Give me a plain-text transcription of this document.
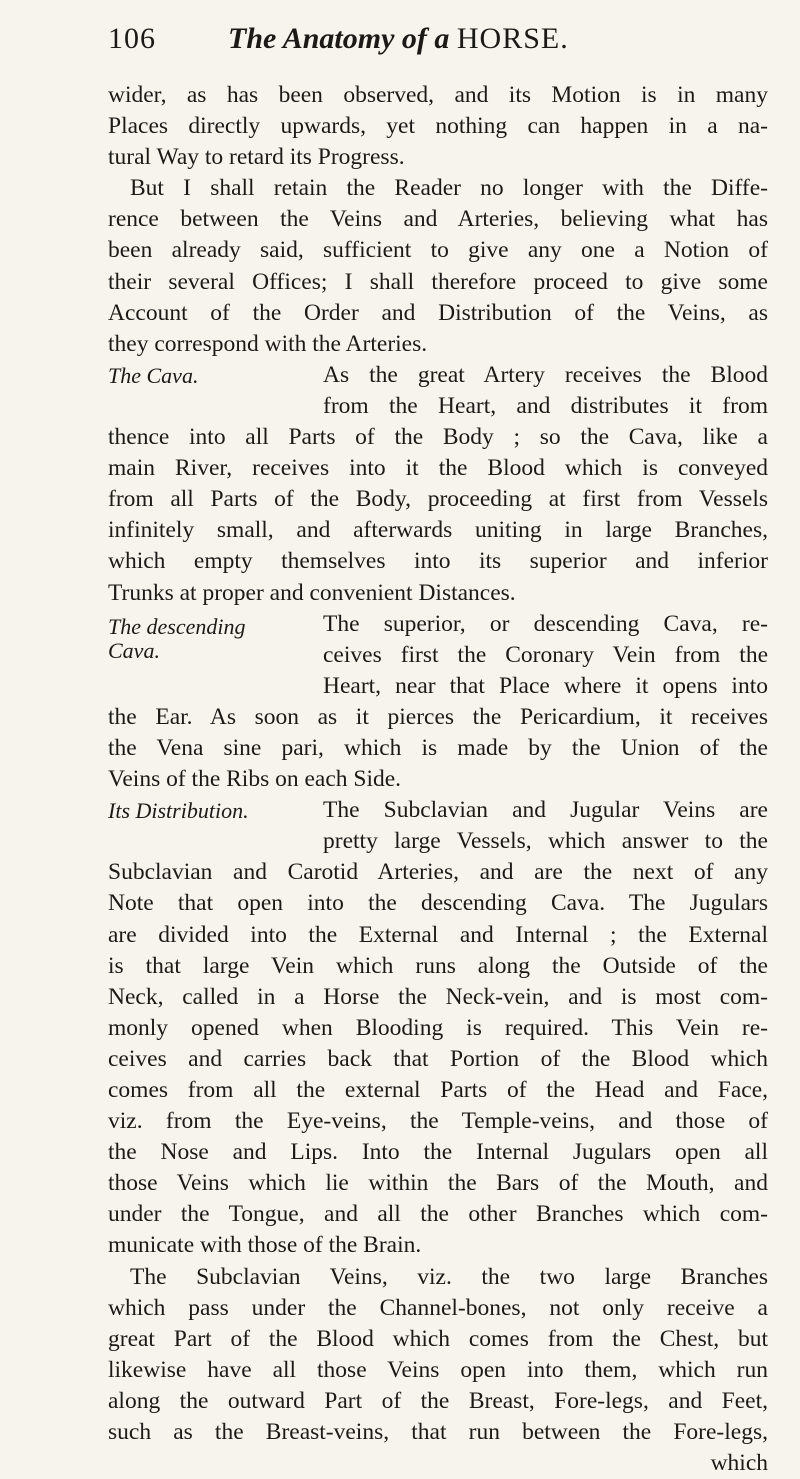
106 The Anatomy of a HORSE.
wider, as has been observed, and its Motion is in many
Places directly upwards, yet nothing can happen in a na-
tural Way to retard its Progress.
But I shall retain the Reader no longer with the Diffe-
rence between the Veins and Arteries, believing what has
been already said, sufficient to give any one a Notion of
their several Offices; I shall therefore proceed to give some
Account of the Order and Distribution of the Veins, as
they correspond with the Arteries.
The Cava.	As the great Artery receives the Blood
from the Heart, and distributes it from
thence into all Parts of the Body ; so the Cava, like a
main River, receives into it the Blood which is conveyed
from all Parts of the Body, proceeding at first from Vessels
infinitely small, and afterwards uniting in large Branches,
which empty themselves into its superior and inferior
Trunks at proper and convenient Distances.
The descending
Cava.
The superior, or descending Cava, re-
ceives first the Coronary Vein from the
Heart, near that Place where it opens into
the Ear. As soon as it pierces the Pericardium, it receives
the Vena sine pari, which is made by the Union of the
Veins of the Ribs on each Side.
Its Distribution.	The Subclavian and Jugular Veins are
pretty large Vessels, which answer to the
Subclavian and Carotid Arteries, and are the next of any
Note that open into the descending Cava. The Jugulars
are divided into the External and Internal ; the External
is that large Vein which runs along the Outside of the
Neck, called in a Horse the Neck-vein, and is most com-
monly opened when Blooding is required. This Vein re-
ceives and carries back that Portion of the Blood which
comes from all the external Parts of the Head and Face,
viz. from the Eye-veins, the Temple-veins, and those of
the Nose and Lips. Into the Internal Jugulars open all
those Veins which lie within the Bars of the Mouth, and
under the Tongue, and all the other Branches which com-
municate with those of the Brain.
The Subclavian Veins, viz. the two large Branches
which pass under the Channel-bones, not only receive a
great Part of the Blood which comes from the Chest, but
likewise have all those Veins open into them, which run
along the outward Part of the Breast, Fore-legs, and Feet,
such as the Breast-veins, that run between the Fore-legs,
which
